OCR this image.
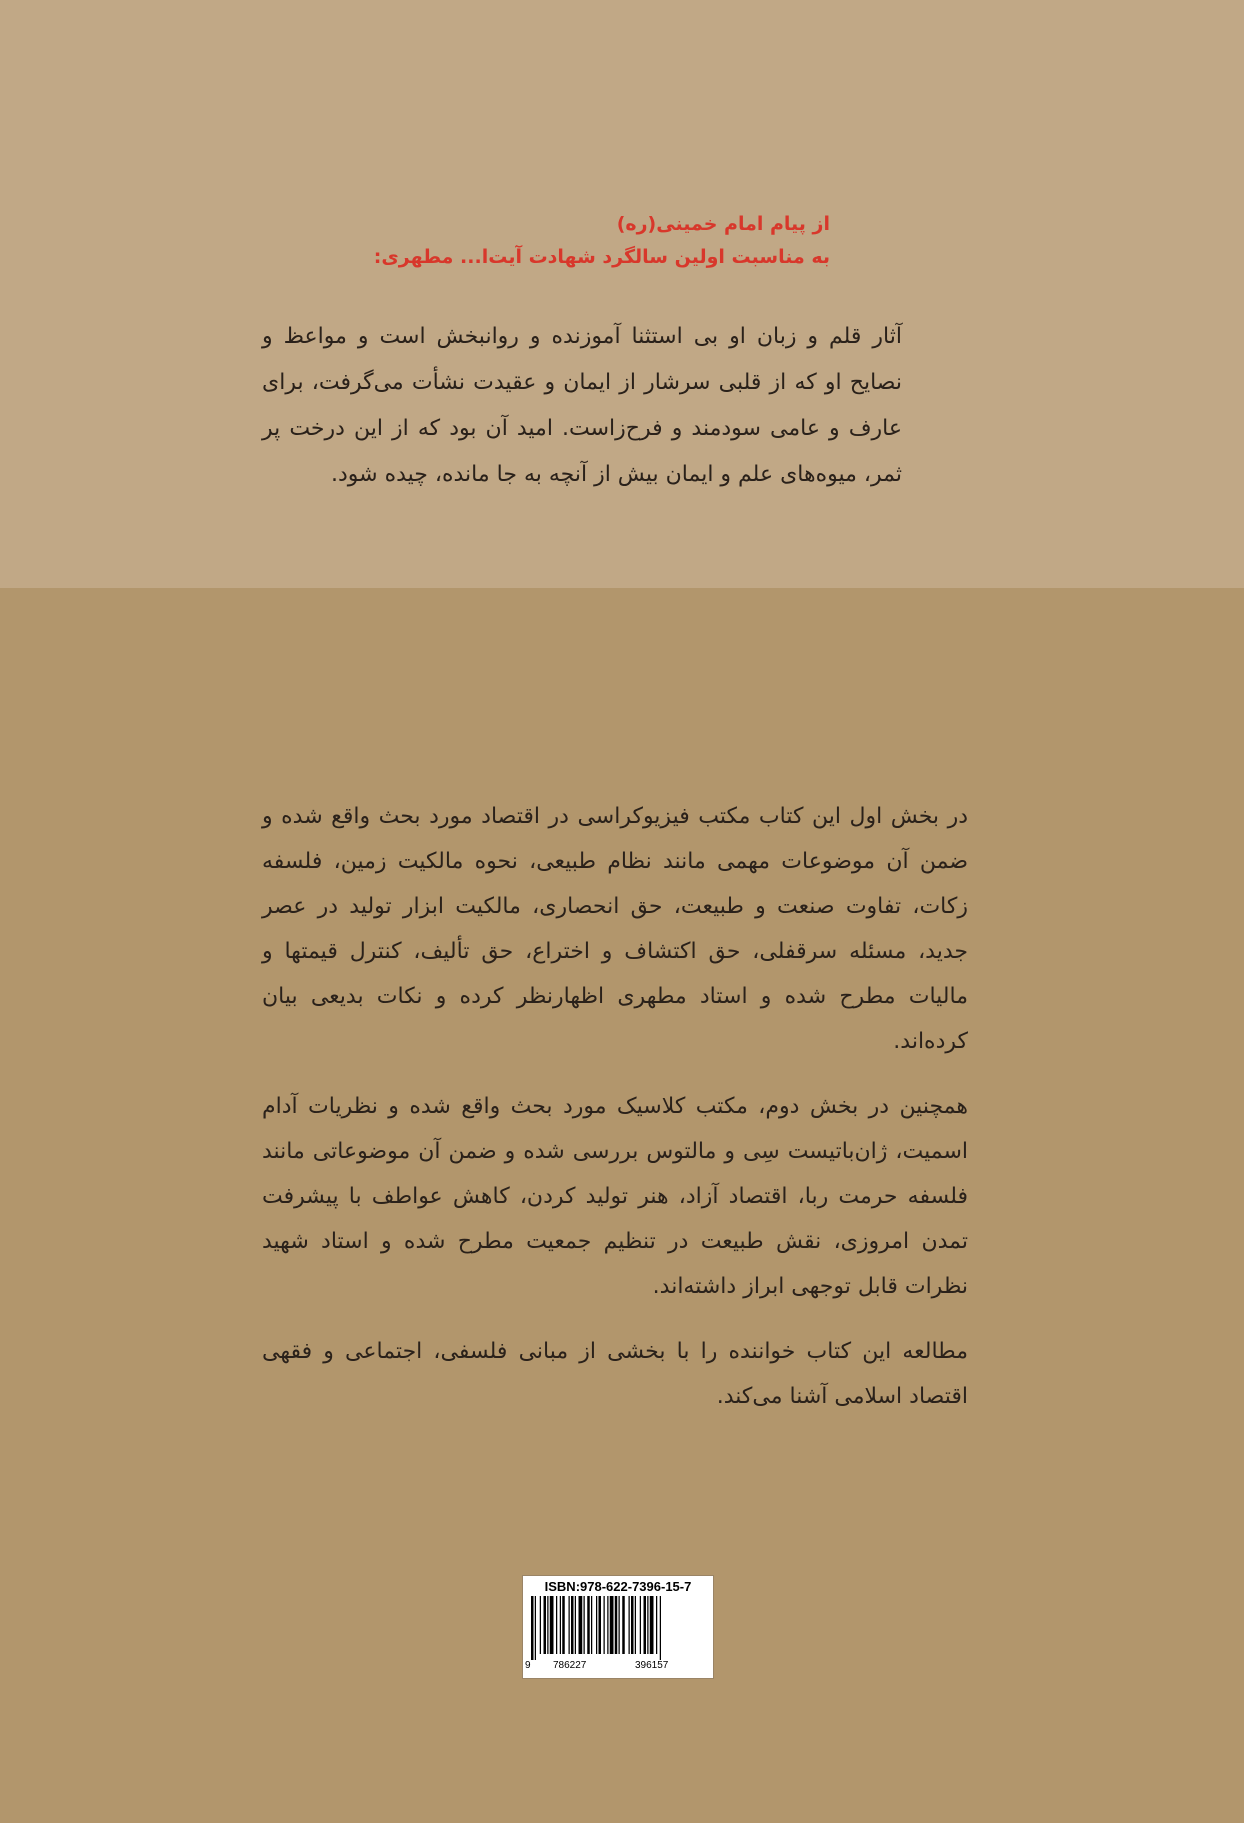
از پیام امام خمینی(ره)
به مناسبت اولین سالگرد شهادت آیت‌ا... مطهری:
آثار قلم و زبان او بی استثنا آموزنده و روانبخش است و مواعظ و نصایح او که از قلبی سرشار از ایمان و عقیدت نشأت می‌گرفت، برای عارف و عامی سودمند و فرح‌زاست. امید آن بود که از این درخت پر ثمر، میوه‌های علم و ایمان بیش از آنچه به جا مانده، چیده شود.

در بخش اول این کتاب مکتب فیزیوکراسی در اقتصاد مورد بحث واقع شده و ضمن آن موضوعات مهمی مانند نظام طبیعی، نحوه مالکیت زمین، فلسفه زکات، تفاوت صنعت و طبیعت، حق انحصاری، مالکیت ابزار تولید در عصر جدید، مسئله سرقفلی، حق اکتشاف و اختراع، حق تألیف، کنترل قیمتها و مالیات مطرح شده و استاد مطهری اظهارنظر کرده و نکات بدیعی بیان کرده‌اند.

همچنین در بخش دوم، مکتب کلاسیک مورد بحث واقع شده و نظریات آدام اسمیت، ژان‌باتیست سِی و مالتوس بررسی شده و ضمن آن موضوعاتی مانند فلسفه حرمت ربا، اقتصاد آزاد، هنر تولید کردن، کاهش عواطف با پیشرفت تمدن امروزی، نقش طبیعت در تنظیم جمعیت مطرح شده و استاد شهید نظرات قابل توجهی ابراز داشته‌اند.

مطالعه این کتاب خواننده را با بخشی از مبانی فلسفی، اجتماعی و فقهی اقتصاد اسلامی آشنا می‌کند.

ISBN:978-622-7396-15-7
9 786227	396157
